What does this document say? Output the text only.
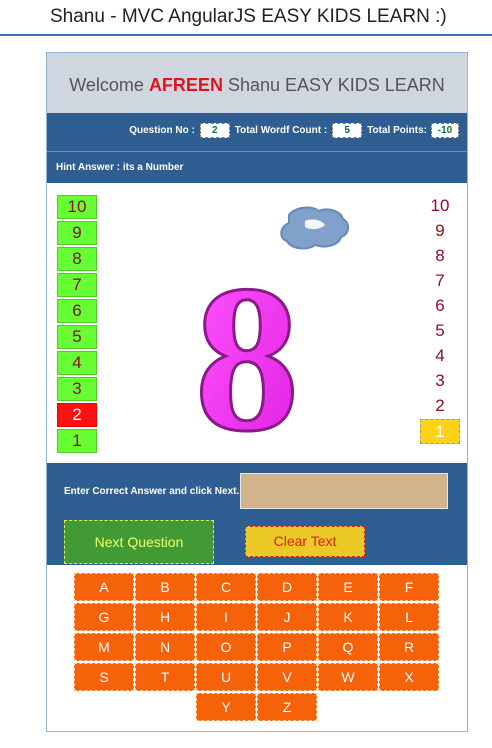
Shanu - MVC AngularJS EASY KIDS LEARN :)
Welcome AFREEN Shanu EASY KIDS LEARN
Question No :	2	Total Wordf Count :	5	Total Points:	-10
Hint Answer : its a Number
10
9
8
7
6
5
4
3
2
1 8
10
9
8
7
6
5
4
3
2
1
Enter Correct Answer and click Next.
Next Question	Clear Text
A	B	C	D	E	F
G	H	I	J	K	L
M	N	O	P	Q	R
S	T	U	V	W	X
Y	Z
